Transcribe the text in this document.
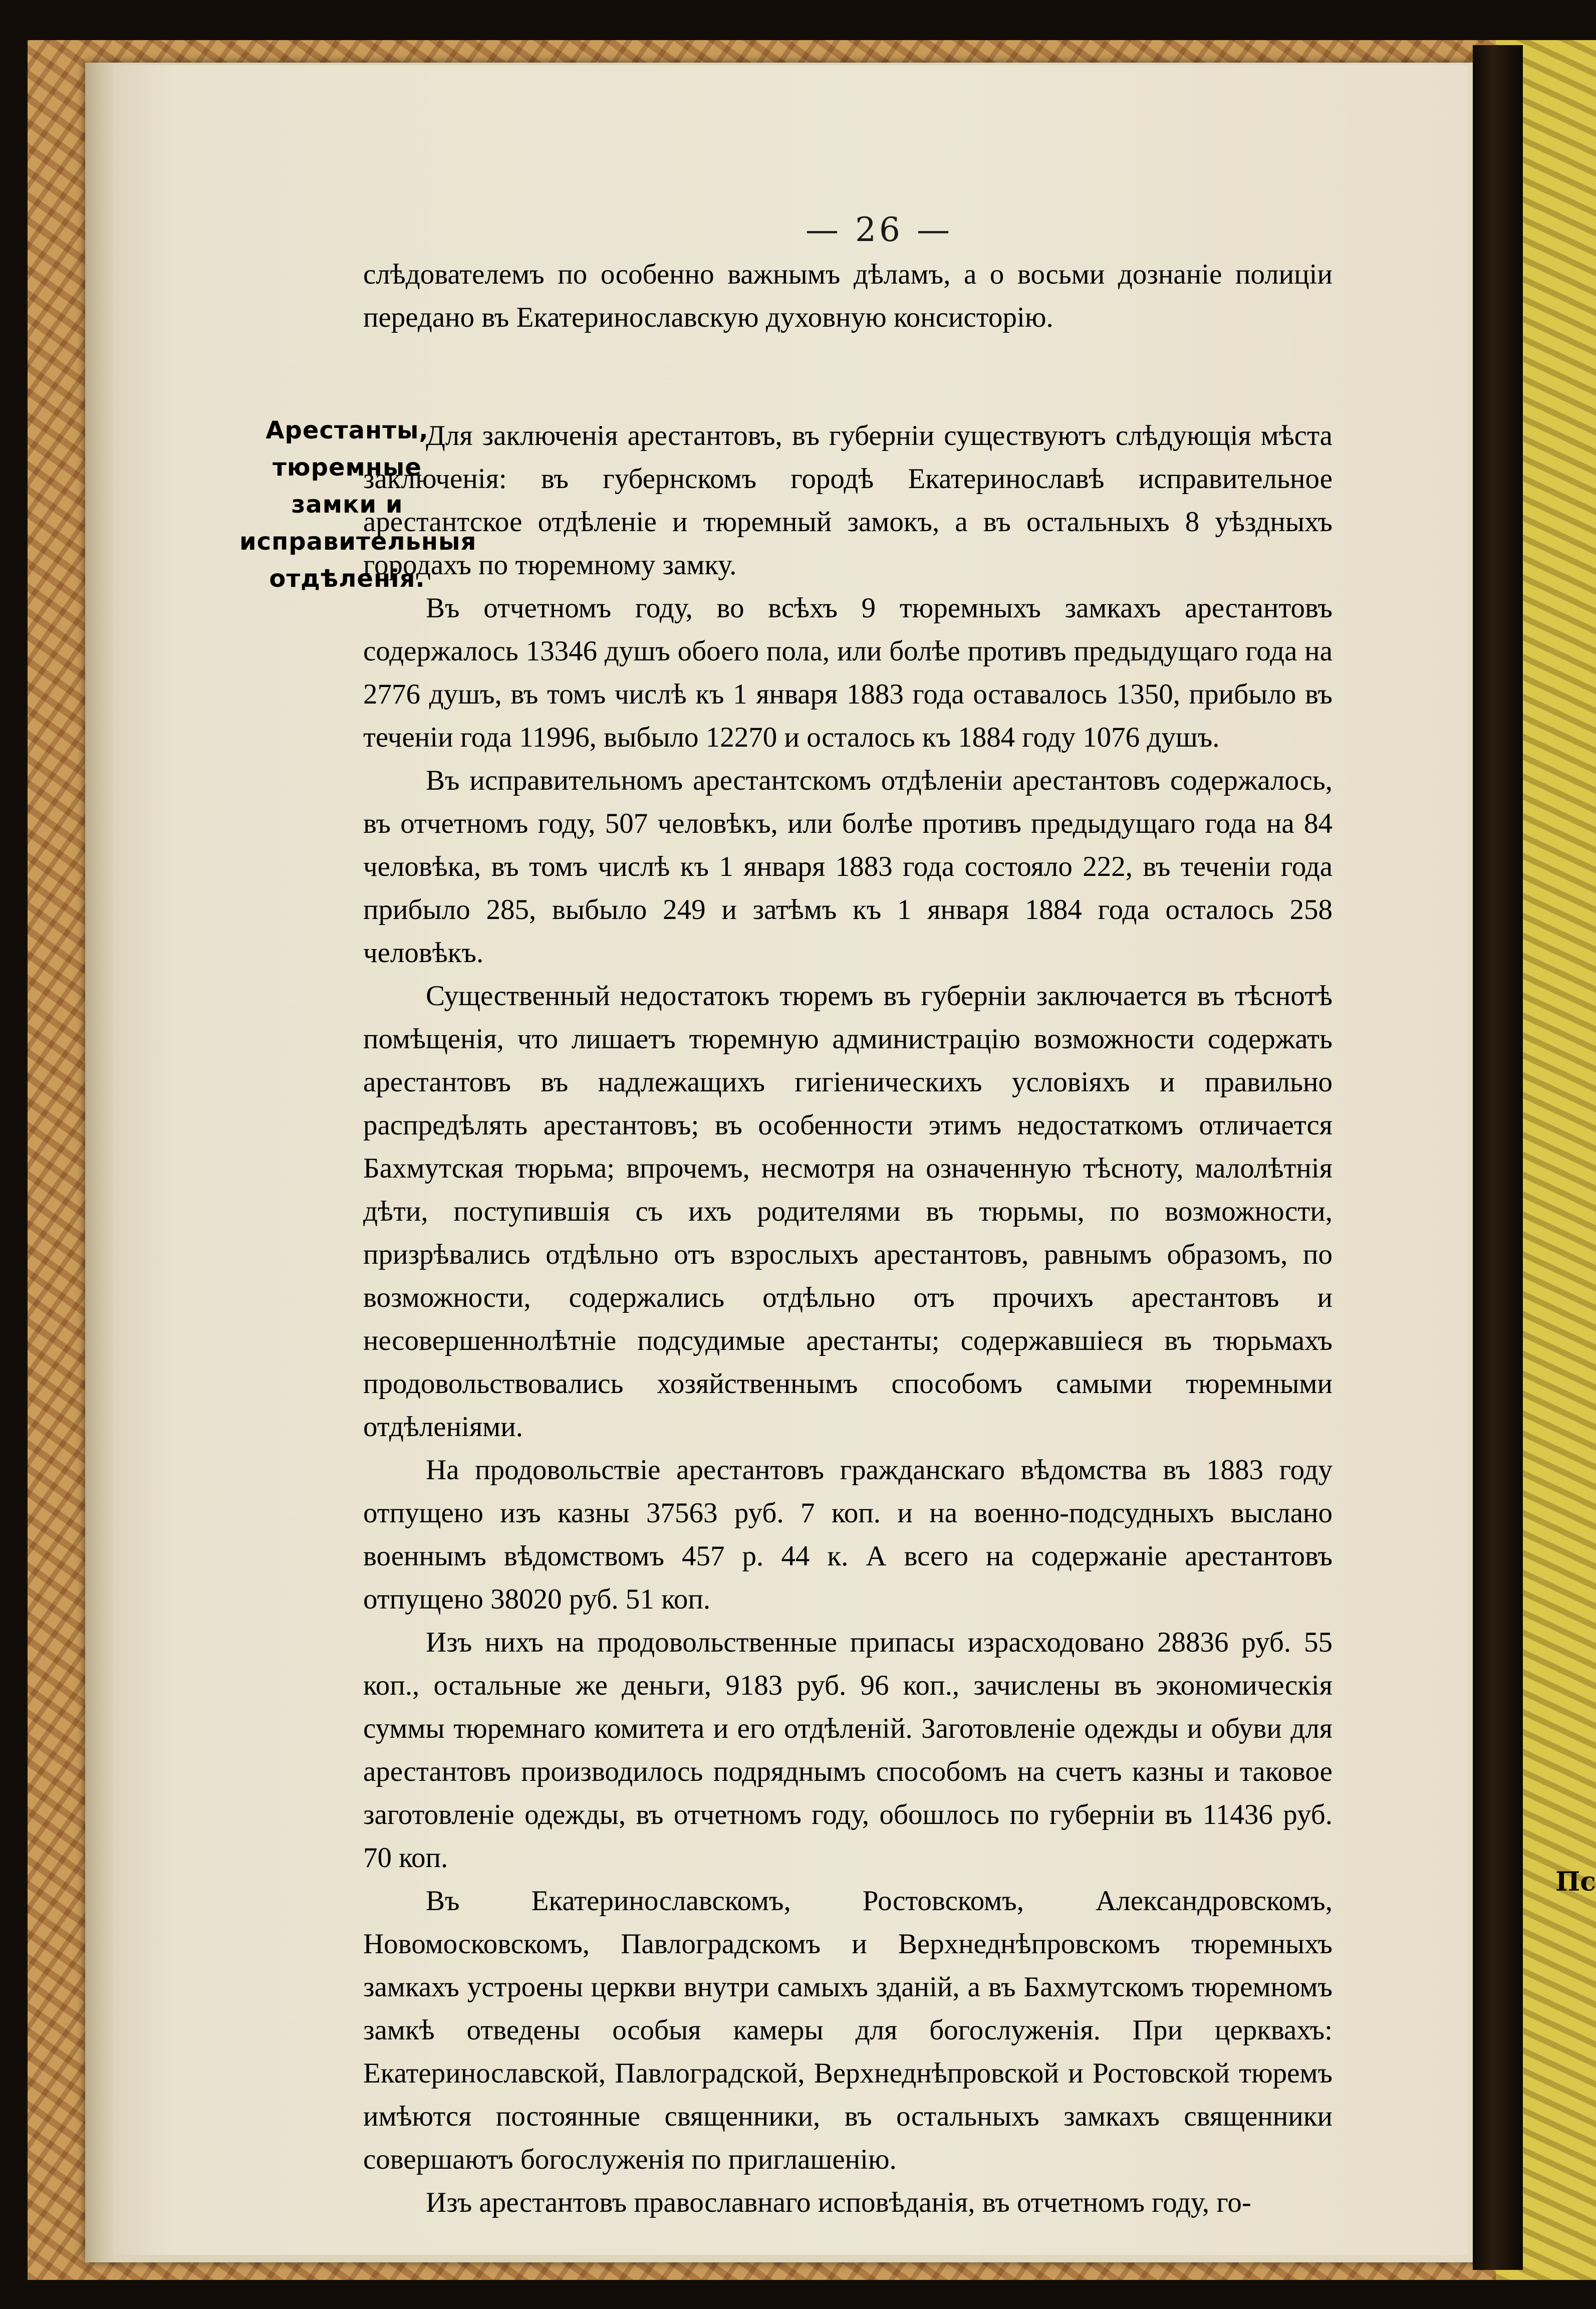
— 26 —
Арестанты, тюремные замки и исправительныя отдѣленія.

слѣдователемъ по особенно важнымъ дѣламъ, а о восьми дознаніе полиціи передано въ Екатеринославскую духовную консисторію.

Для заключенія арестантовъ, въ губерніи существуютъ слѣдующія мѣста заключенія: въ губернскомъ городѣ Екатеринославѣ исправительное арестантское отдѣленіе и тюремный замокъ, а въ остальныхъ 8 уѣздныхъ городахъ по тюремному замку.

Въ отчетномъ году, во всѣхъ 9 тюремныхъ замкахъ арестантовъ содержалось 13346 душъ обоего пола, или болѣе противъ предыдущаго года на 2776 душъ, въ томъ числѣ къ 1 января 1883 года оставалось 1350, прибыло въ теченіи года 11996, выбыло 12270 и осталось къ 1884 году 1076 душъ.

Въ исправительномъ арестантскомъ отдѣленіи арестантовъ содержалось, въ отчетномъ году, 507 человѣкъ, или болѣе противъ предыдущаго года на 84 человѣка, въ томъ числѣ къ 1 января 1883 года состояло 222, въ теченіи года прибыло 285, выбыло 249 и затѣмъ къ 1 января 1884 года осталось 258 человѣкъ.

Существенный недостатокъ тюремъ въ губерніи заключается въ тѣснотѣ помѣщенія, что лишаетъ тюремную администрацію возможности содержать арестантовъ въ надлежащихъ гигіеническихъ условіяхъ и правильно распредѣлять арестантовъ; въ особенности этимъ недостаткомъ отличается Бахмутская тюрьма; впрочемъ, несмотря на означенную тѣсноту, малолѣтнія дѣти, поступившія съ ихъ родителями въ тюрьмы, по возможности, призрѣвались отдѣльно отъ взрослыхъ арестантовъ, равнымъ образомъ, по возможности, содержались отдѣльно отъ прочихъ арестантовъ и несовершеннолѣтніе подсудимые арестанты; содержавшіеся въ тюрьмахъ продовольствовались хозяйственнымъ способомъ самыми тюремными отдѣленіями.

На продовольствіе арестантовъ гражданскаго вѣдомства въ 1883 году отпущено изъ казны 37563 руб. 7 коп. и на военно-подсудныхъ выслано военнымъ вѣдомствомъ 457 р. 44 к. А всего на содержаніе арестантовъ отпущено 38020 руб. 51 коп.

Изъ нихъ на продовольственные припасы израсходовано 28836 руб. 55 коп., остальные же деньги, 9183 руб. 96 коп., зачислены въ экономическія суммы тюремнаго комитета и его отдѣленій. Заготовленіе одежды и обуви для арестантовъ производилось подряднымъ способомъ на счетъ казны и таковое заготовленіе одежды, въ отчетномъ году, обошлось по губерніи въ 11436 руб. 70 коп.

Въ Екатеринославскомъ, Ростовскомъ, Александровскомъ, Новомосковскомъ, Павлоградскомъ и Верхнеднѣпровскомъ тюремныхъ замкахъ устроены церкви внутри самыхъ зданій, а въ Бахмутскомъ тюремномъ замкѣ отведены особыя камеры для богослуженія. При церквахъ: Екатеринославской, Павлоградской, Верхнеднѣпровской и Ростовской тюремъ имѣются постоянные священники, въ остальныхъ замкахъ священники совершаютъ богослуженія по приглашенію.

Изъ арестантовъ православнаго исповѣданія, въ отчетномъ году, го-

Пс
